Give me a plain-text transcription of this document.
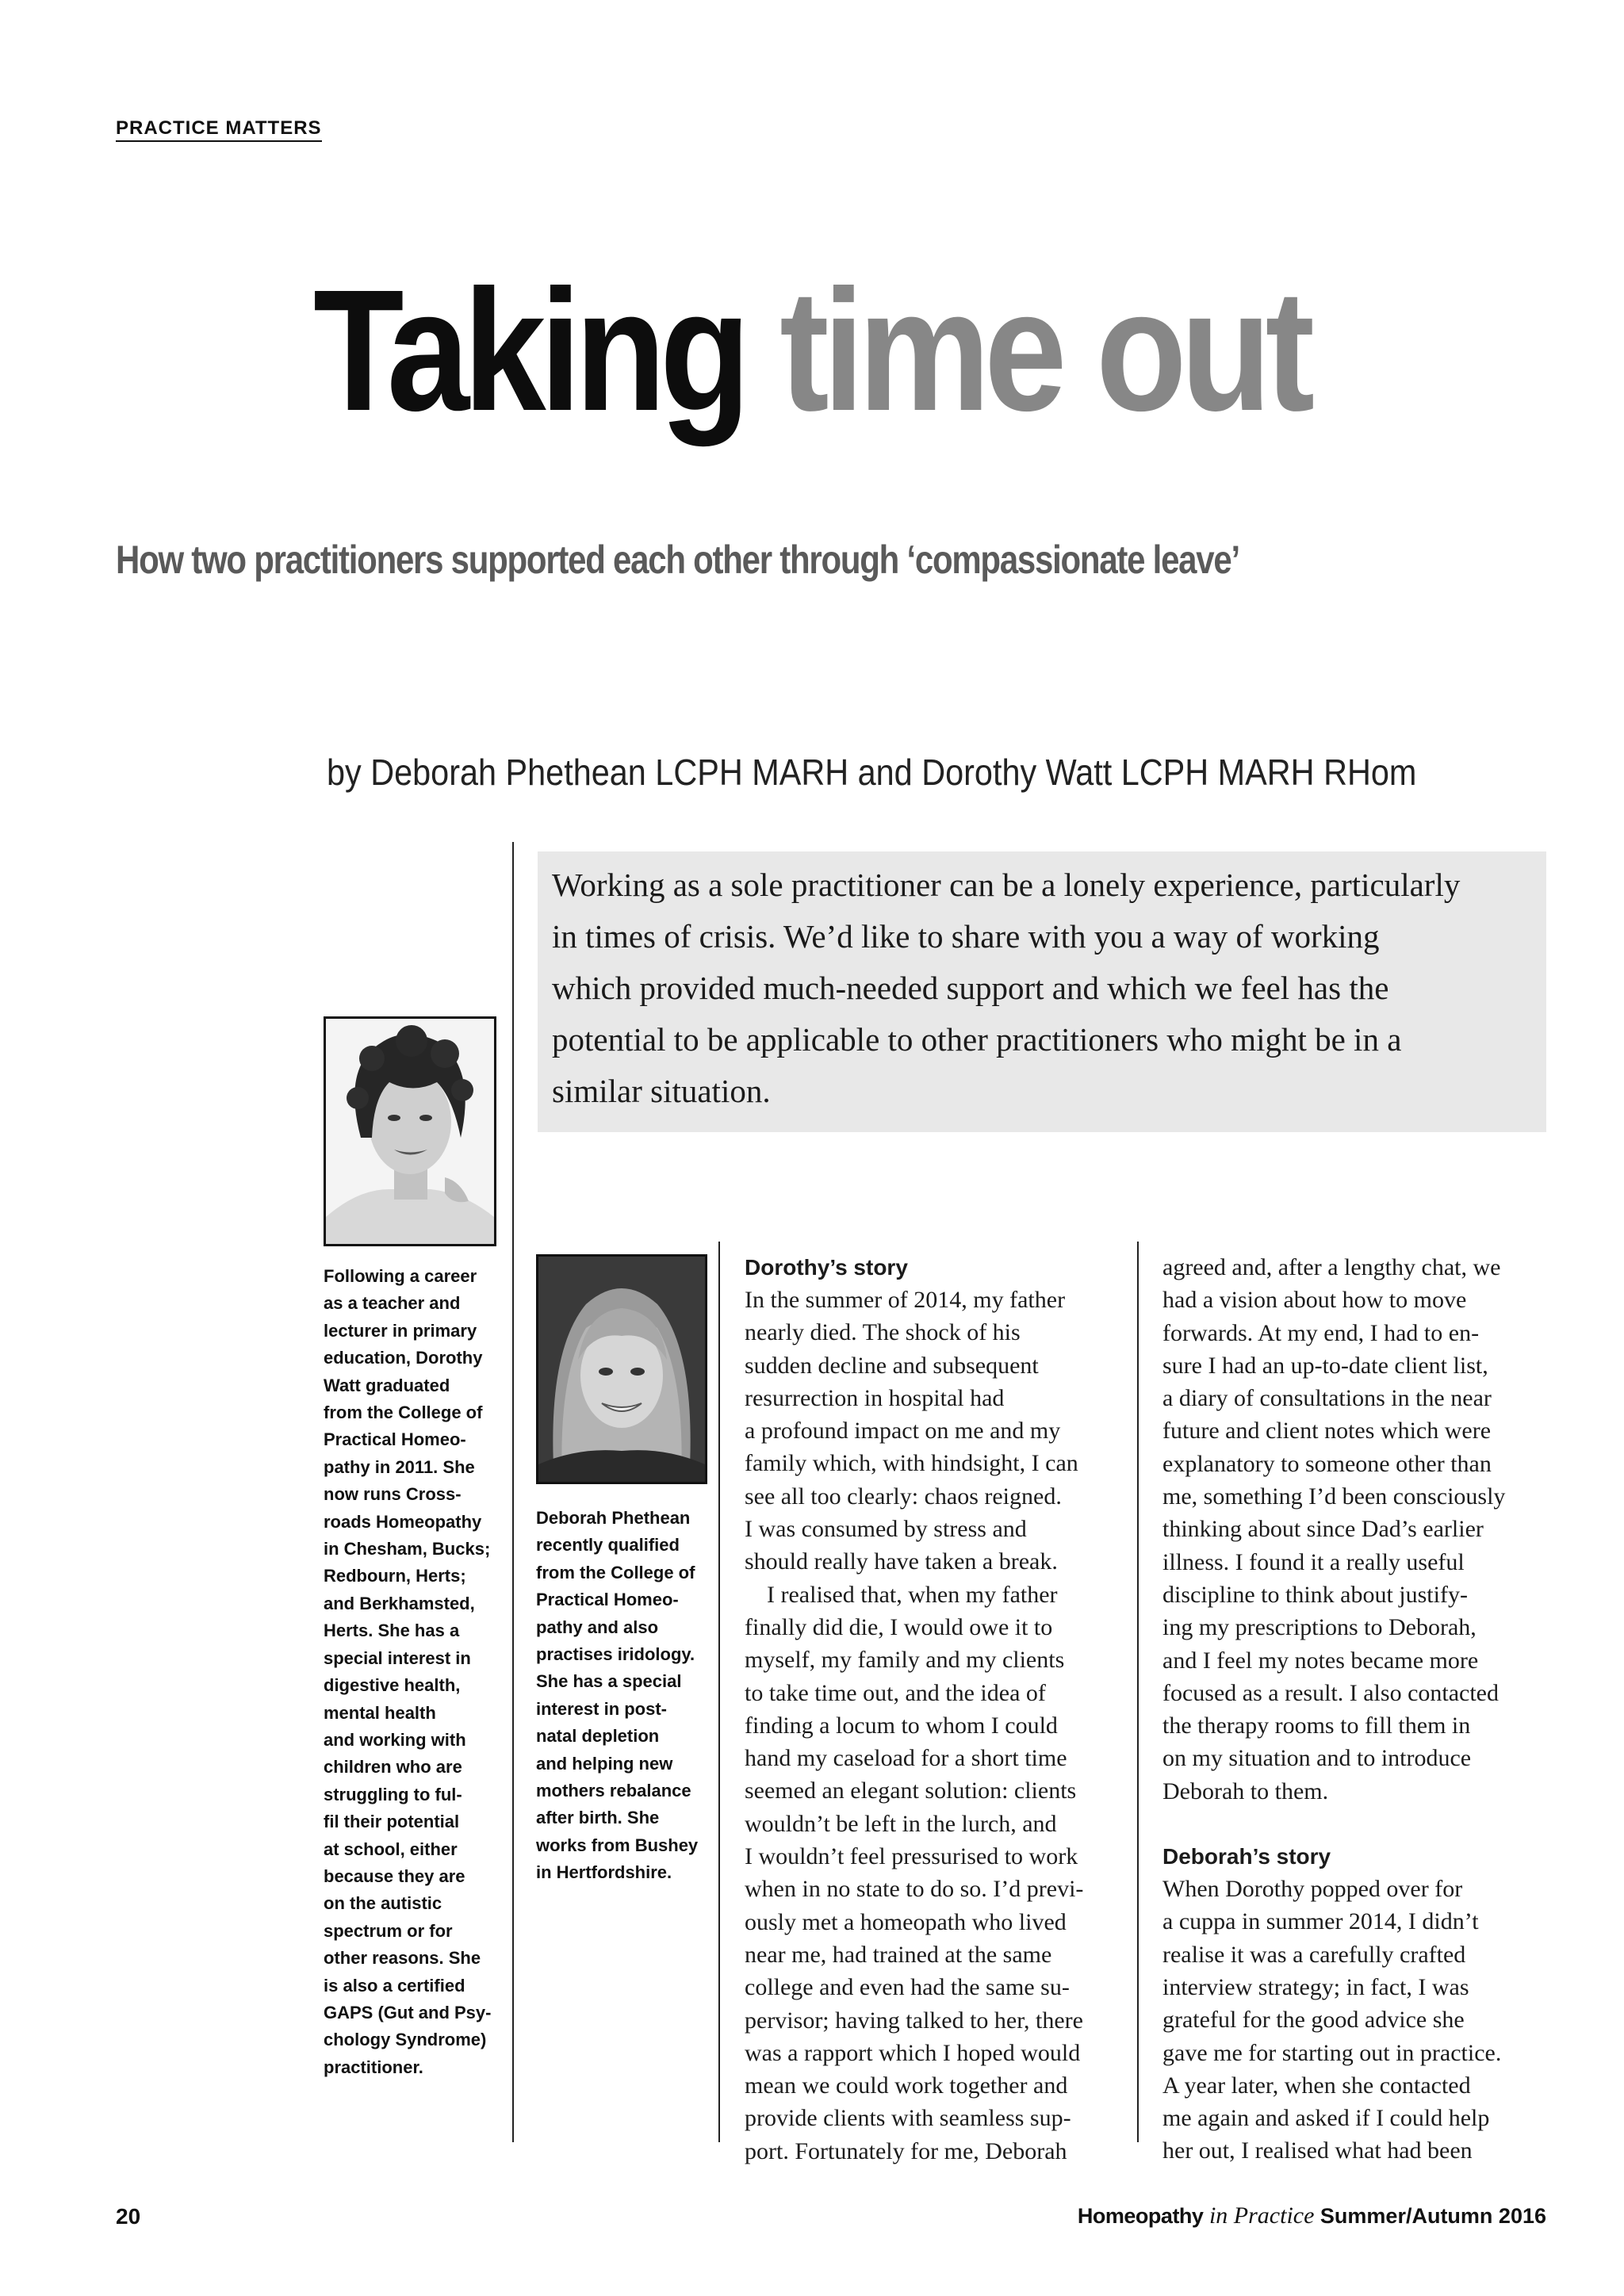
PRACTICE MATTERS
Taking time out
How two practitioners supported each other through ‘compassionate leave’
by Deborah Phethean LCPH MARH and Dorothy Watt LCPH MARH RHom
Working as a sole practitioner can be a lonely experience, particularly
in times of crisis. We’d like to share with you a way of working
which provided much-needed support and which we feel has the
potential to be applicable to other practitioners who might be in a
similar situation.

Following a career

as a teacher and

lecturer in primary

education, Dorothy

Watt graduated

from the College of

Practical Homeo-

pathy in 2011. She

now runs Cross-

roads Homeopathy

in Chesham, Bucks;

Redbourn, Herts;

and Berkhamsted,

Herts. She has a

special interest in

digestive health,

mental health

and working with

children who are

struggling to ful-

fil their potential

at school, either

because they are

on the autistic

spectrum or for

other reasons. She

is also a certified

GAPS (Gut and Psy-

chology Syndrome)

practitioner.

Deborah Phethean

recently qualified

from the College of

Practical Homeo-

pathy and also

practises iridology.

She has a special

interest in post-

natal depletion

and helping new

mothers rebalance

after birth. She

works from Bushey

in Hertfordshire.

Dorothy’s story

In the summer of 2014, my father

nearly died. The shock of his

sudden decline and subsequent

resurrection in hospital had

a profound impact on me and my

family which, with hindsight, I can

see all too clearly: chaos reigned.

I was consumed by stress and

should really have taken a break.

I realised that, when my father

finally did die, I would owe it to

myself, my family and my clients

to take time out, and the idea of

finding a locum to whom I could

hand my caseload for a short time

seemed an elegant solution: clients

wouldn’t be left in the lurch, and

I wouldn’t feel pressurised to work

when in no state to do so. I’d previ-

ously met a homeopath who lived

near me, had trained at the same

college and even had the same su-

pervisor; having talked to her, there

was a rapport which I hoped would

mean we could work together and

provide clients with seamless sup-

port. Fortunately for me, Deborah

agreed and, after a lengthy chat, we

had a vision about how to move

forwards. At my end, I had to en-

sure I had an up-to-date client list,

a diary of consultations in the near

future and client notes which were

explanatory to someone other than

me, something I’d been consciously

thinking about since Dad’s earlier

illness. I found it a really useful

discipline to think about justify-

ing my prescriptions to Deborah,

and I feel my notes became more

focused as a result. I also contacted

the therapy rooms to fill them in

on my situation and to introduce

Deborah to them.

Deborah’s story

When Dorothy popped over for

a cuppa in summer 2014, I didn’t

realise it was a carefully crafted

interview strategy; in fact, I was

grateful for the good advice she

gave me for starting out in practice.

A year later, when she contacted

me again and asked if I could help

her out, I realised what had been

20	Homeopathy in Practice Summer/Autumn 2016
